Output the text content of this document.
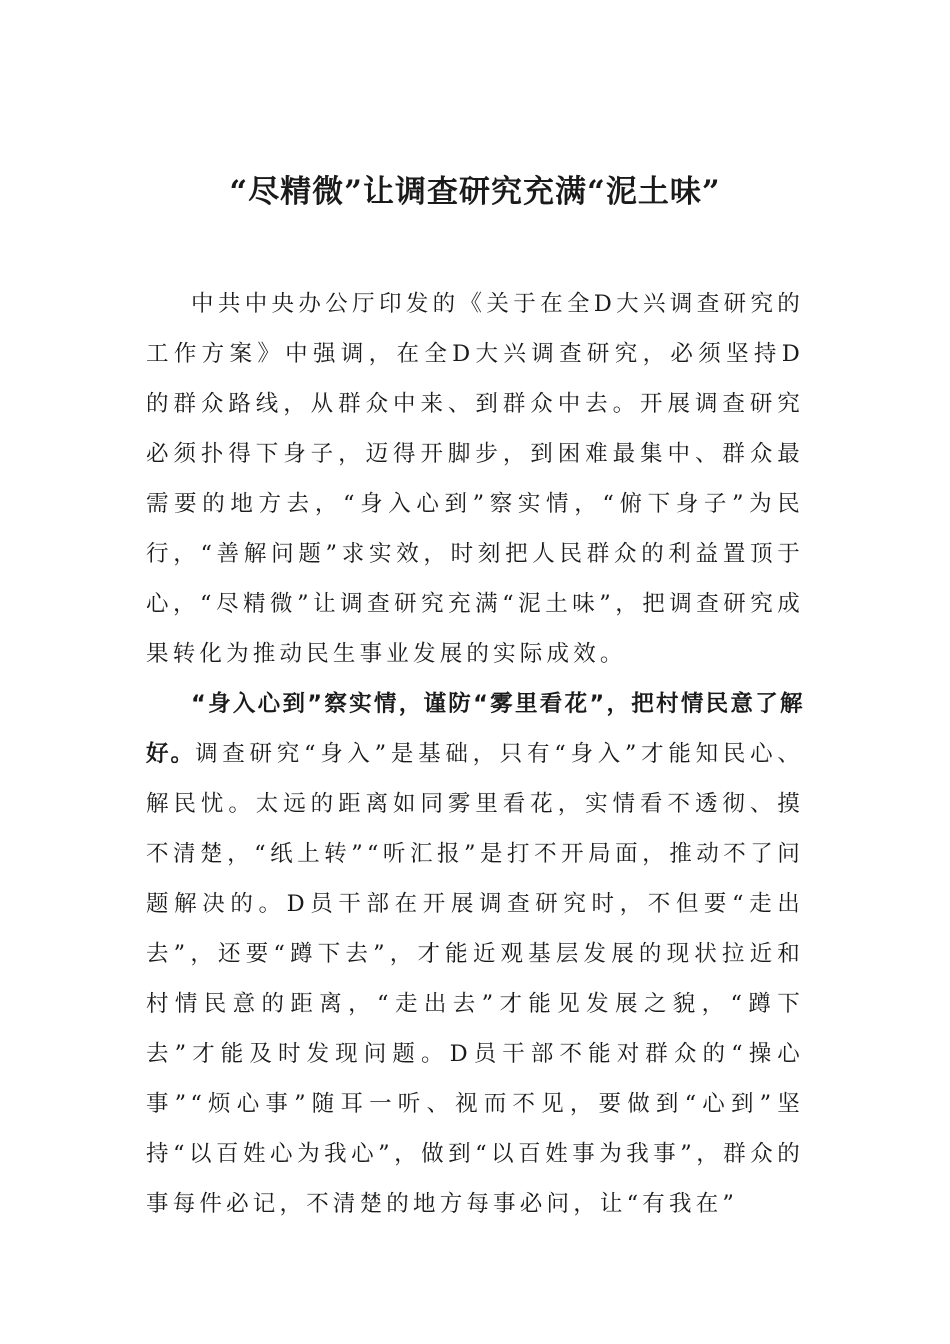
“尽精微”让调查研究充满“泥土味”

中共中央办公厅印发的《关于在全D大兴调查研究的工作方案》中强调，在全D大兴调查研究，必须坚持D的群众路线，从群众中来、到群众中去。开展调查研究必须扑得下身子，迈得开脚步，到困难最集中、群众最需要的地方去，“身入心到”察实情，“俯下身子”为民行，“善解问题”求实效，时刻把人民群众的利益置顶于心，“尽精微”让调查研究充满“泥土味”，把调查研究成果转化为推动民生事业发展的实际成效。

“身入心到”察实情，谨防“雾里看花”，把村情民意了解好。调查研究“身入”是基础，只有“身入”才能知民心、解民忧。太远的距离如同雾里看花，实情看不透彻、摸不清楚，“纸上转”“听汇报”是打不开局面，推动不了问题解决的。D员干部在开展调查研究时，不但要“走出去”，还要“蹲下去”，才能近观基层发展的现状拉近和村情民意的距离，“走出去”才能见发展之貌，“蹲下去”才能及时发现问题。D员干部不能对群众的“操心事”“烦心事”随耳一听、视而不见，要做到“心到”坚持“以百姓心为我心”，做到“以百姓事为我事”，群众的事每件必记，不清楚的地方每事必问，让“有我在”
